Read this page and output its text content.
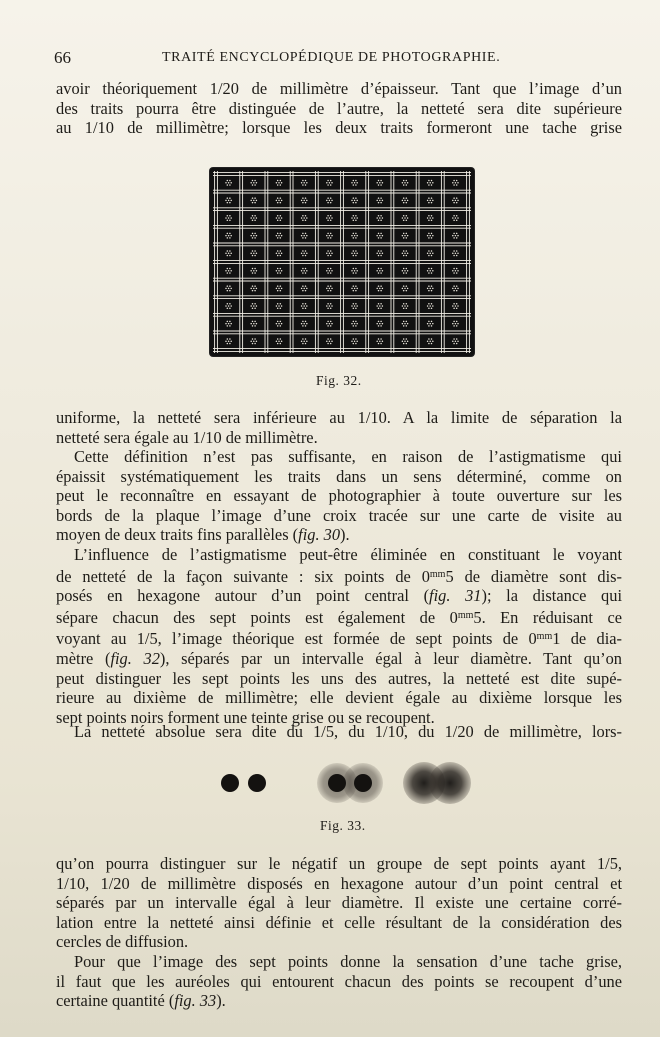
66	TRAITÉ ENCYCLOPÉDIQUE DE PHOTOGRAPHIE.
avoir théoriquement 1/20 de millimètre d’épaisseur. Tant que l’image d’un
des traits pourra être distinguée de l’autre, la netteté sera dite supérieure
au 1/10 de millimètre; lorsque les deux traits formeront une tache grise
Fig. 32.
uniforme, la netteté sera inférieure au 1/10. A la limite de séparation la
netteté sera égale au 1/10 de millimètre.
Cette définition n’est pas suffisante, en raison de l’astigmatisme qui
épaissit systématiquement les traits dans un sens déterminé, comme on
peut le reconnaître en essayant de photographier à toute ouverture sur les
bords de la plaque l’image d’une croix tracée sur une carte de visite au
moyen de deux traits fins parallèles (fig. 30).
L’influence de l’astigmatisme peut-être éliminée en constituant le voyant
de netteté de la façon suivante : six points de $0^{mm}5$ de diamètre sont dis-
posés en hexagone autour d’un point central (fig. 31); la distance qui
sépare chacun des sept points est également de $0^{mm}5$. En réduisant ce
voyant au 1/5, l’image théorique est formée de sept points de $0^{mm}1$ de dia-
mètre (fig. 32), séparés par un intervalle égal à leur diamètre. Tant qu’on
peut distinguer les sept points les uns des autres, la netteté est dite supé-
rieure au dixième de millimètre; elle devient égale au dixième lorsque les
sept points noirs forment une teinte grise ou se recoupent.
La netteté absolue sera dite du 1/5, du 1/10, du 1/20 de millimètre, lors-
Fig. 33.
qu’on pourra distinguer sur le négatif un groupe de sept points ayant 1/5,
1/10, 1/20 de millimètre disposés en hexagone autour d’un point central et
séparés par un intervalle égal à leur diamètre. Il existe une certaine corré-
lation entre la netteté ainsi définie et celle résultant de la considération des
cercles de diffusion.
Pour que l’image des sept points donne la sensation d’une tache grise,
il faut que les auréoles qui entourent chacun des points se recoupent d’une
certaine quantité (fig. 33).
